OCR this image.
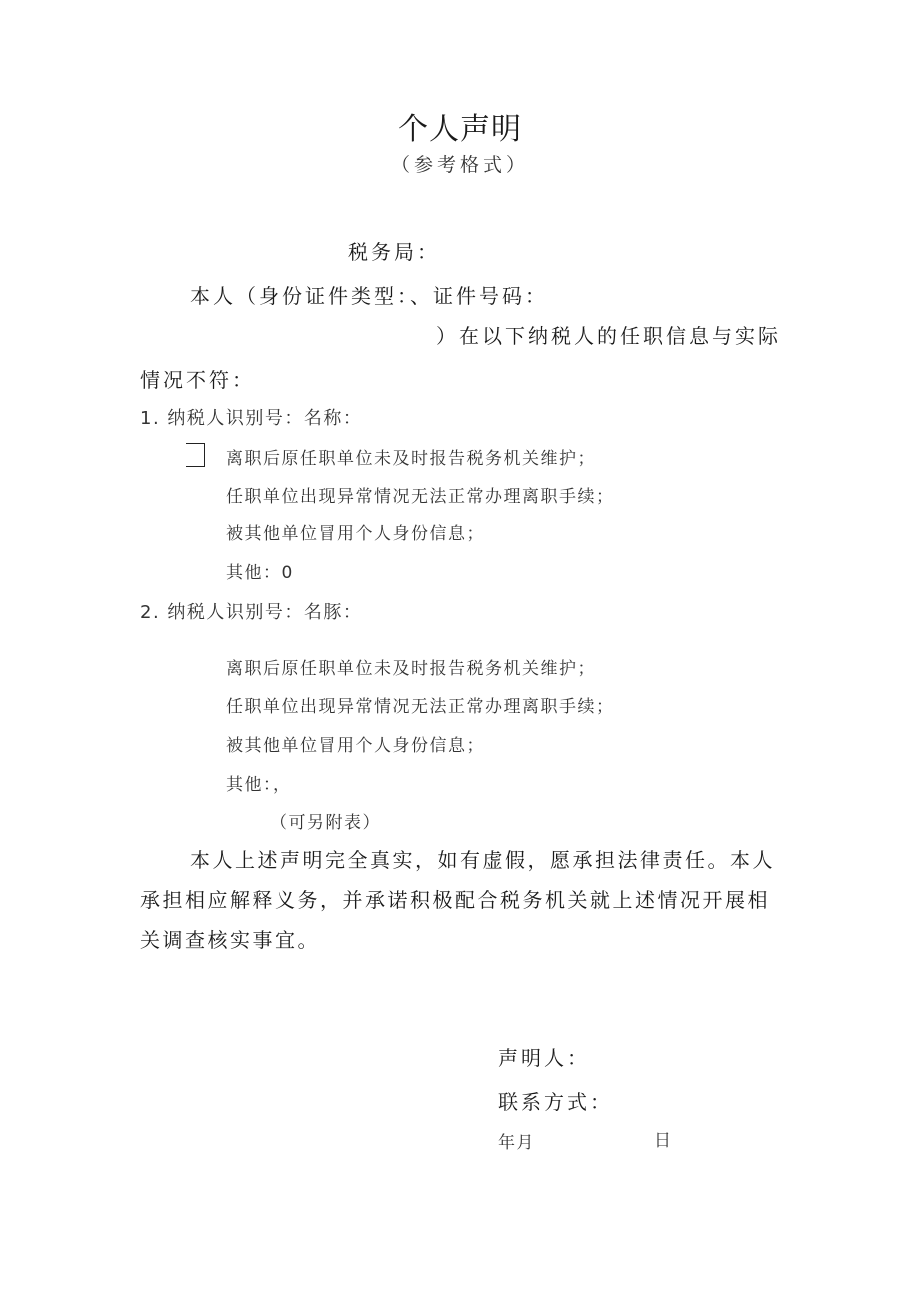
个人声明
（参考格式）
税务局：
本人（身份证件类型：、证件号码：
）在以下纳税人的任职信息与实际
情况不符：
1. 纳税人识别号：名称：
离职后原任职单位未及时报告税务机关维护；
任职单位出现异常情况无法正常办理离职手续；
被其他单位冒用个人身份信息；
其他：0
2. 纳税人识别号：名豚：
离职后原任职单位未及时报告税务机关维护；
任职单位出现异常情况无法正常办理离职手续；
被其他单位冒用个人身份信息；
其他：，
（可另附表）
本人上述声明完全真实，如有虚假，愿承担法律责任。本人承担相应解释义务，并承诺积极配合税务机关就上述情况开展相关调查核实事宜。
声明人：
联系方式：
年月	日
